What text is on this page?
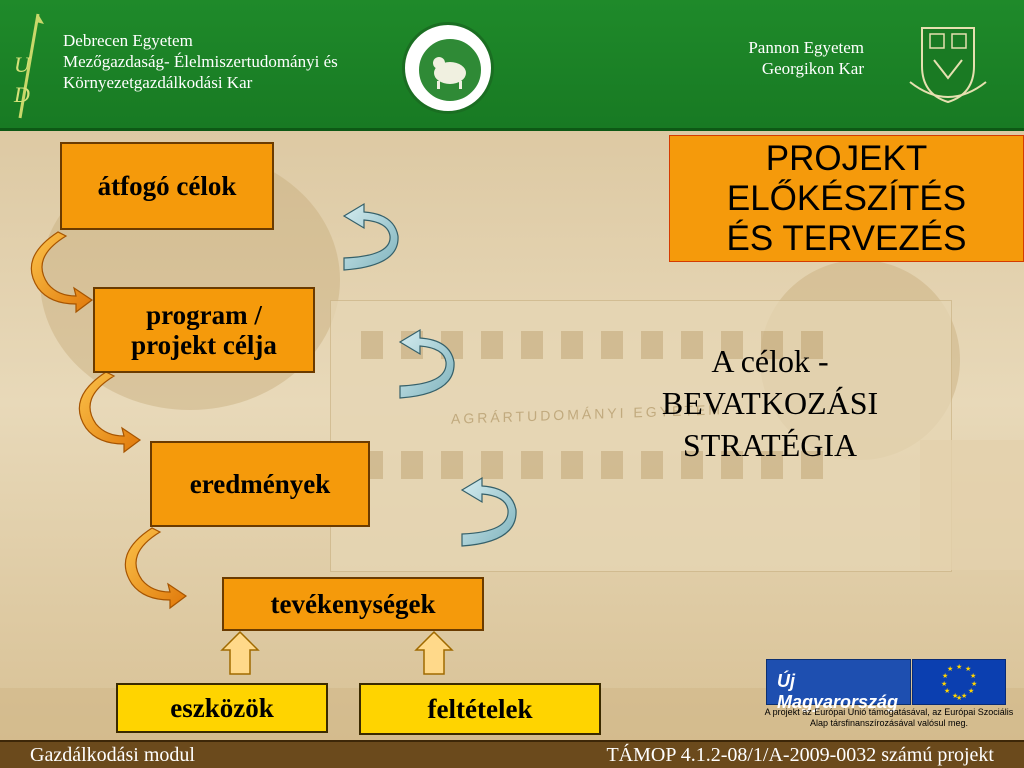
AGRÁRTUDOMÁNYI EGYETEM
U
D
Debrecen Egyetem
Mezőgazdaság- Élelmiszertudományi és
Környezetgazdálkodási Kar
Pannon Egyetem
Georgikon Kar
PROJEKT
ELŐKÉSZÍTÉS
ÉS TERVEZÉS
A célok -
BEVATKOZÁSI
STRATÉGIA
átfogó célok
program /
projekt célja
eredmények
tevékenységek
eszközök	feltételek
Új Magyarország
★ ★
★
★
★
★
★
★
★
★
★
★
A projekt az Európai Unió támogatásával, az Európai Szociális Alap társfinanszírozásával valósul meg.
Gazdálkodási modul	TÁMOP 4.1.2-08/1/A-2009-0032 számú projekt
